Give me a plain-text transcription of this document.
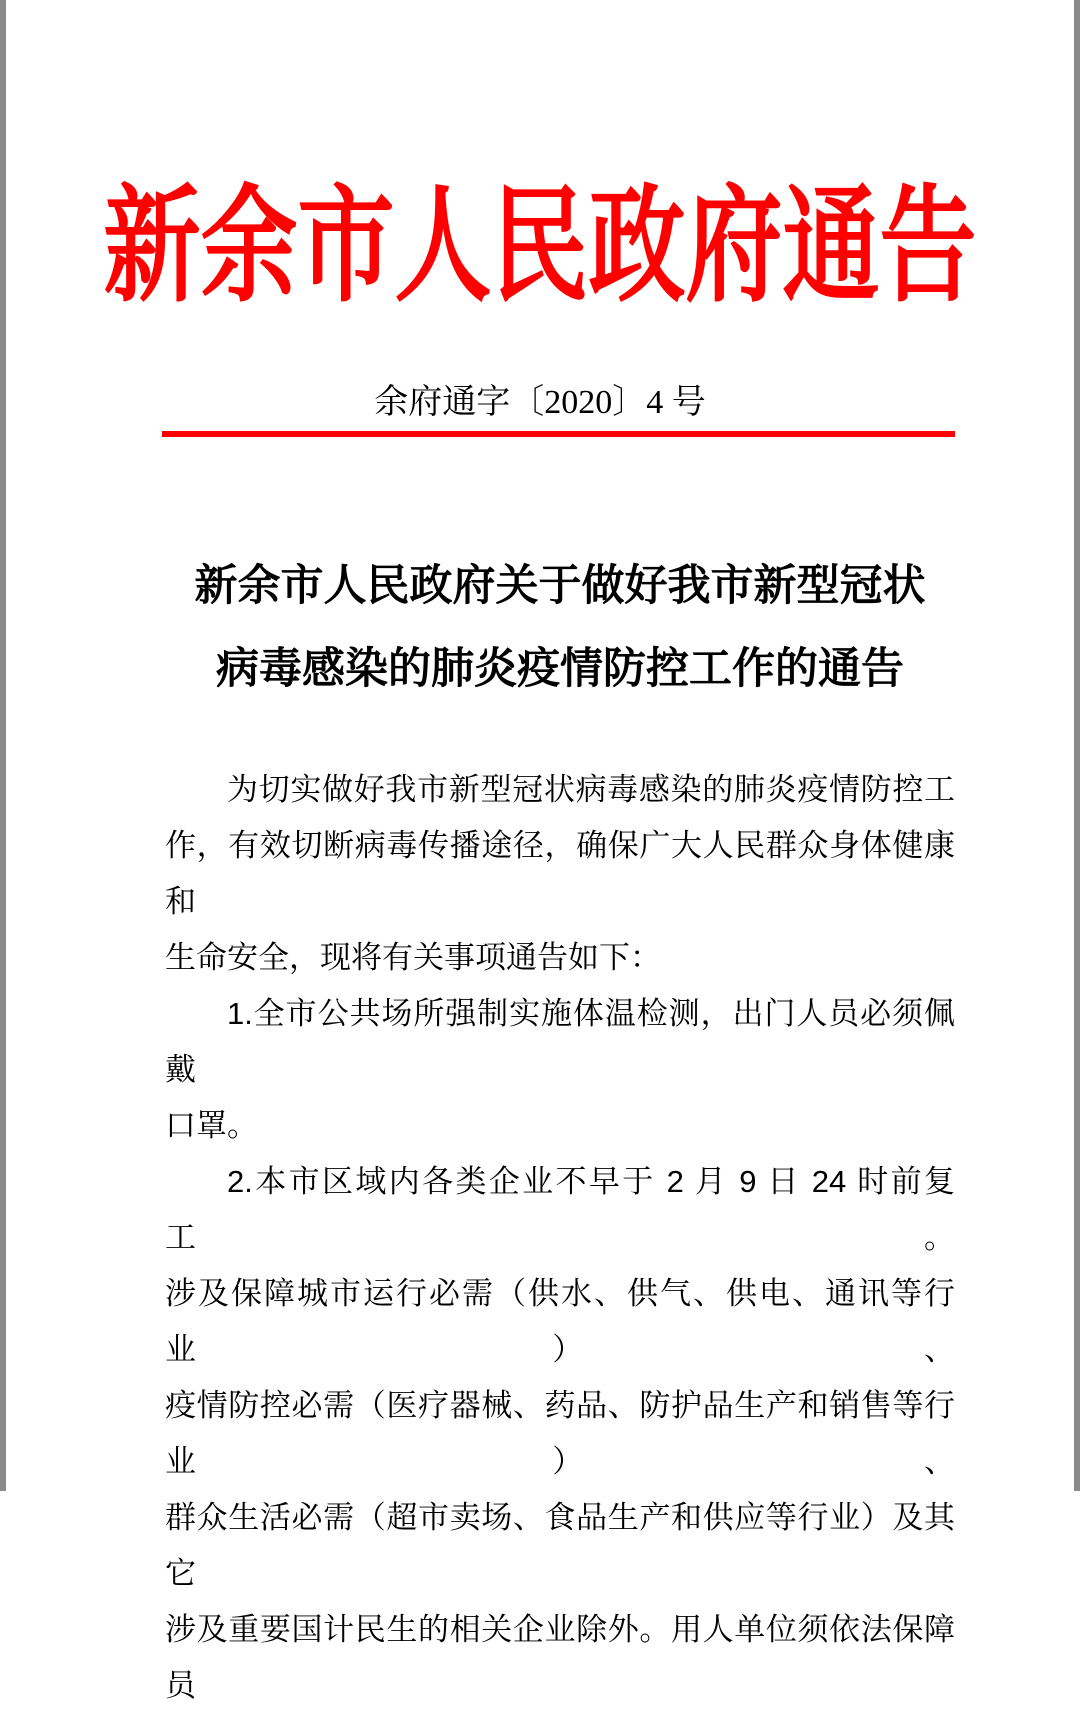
新余市人民政府通告
余府通字〔2020〕4 号
新余市人民政府关于做好我市新型冠状
病毒感染的肺炎疫情防控工作的通告
为切实做好我市新型冠状病毒感染的肺炎疫情防控工
作，有效切断病毒传播途径，确保广大人民群众身体健康和
生命安全，现将有关事项通告如下：
1.全市公共场所强制实施体温检测，出门人员必须佩戴
口罩。
2.本市区域内各类企业不早于 2 月 9 日 24 时前复工。
涉及保障城市运行必需（供水、供气、供电、通讯等行业）、
疫情防控必需（医疗器械、药品、防护品生产和销售等行业）、
群众生活必需（超市卖场、食品生产和供应等行业）及其它
涉及重要国计民生的相关企业除外。用人单位须依法保障员
